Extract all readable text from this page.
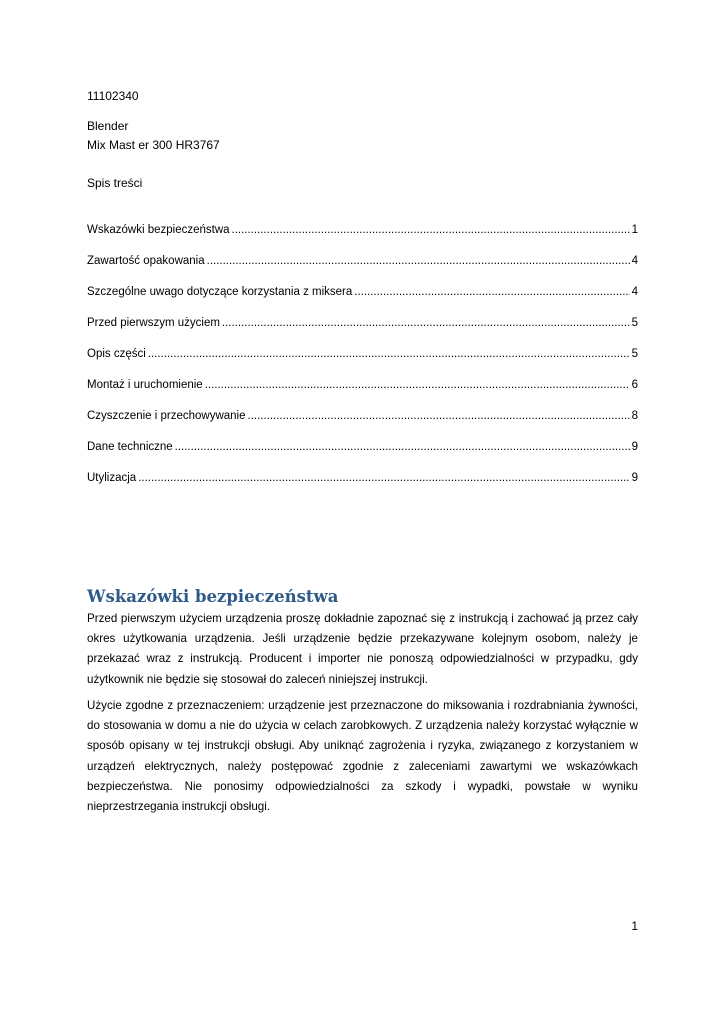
11102340
Blender
Mix Mast er 300 HR3767
Spis treści
Wskazówki bezpieczeństwa . . .	1
Zawartość opakowania . . .	4
Szczególne uwago dotyczące korzystania z miksera . . .	4
Przed pierwszym użyciem . . .	5
Opis części . . .	5
Montaż i uruchomienie . . .	6
Czyszczenie i przechowywanie . . .	8
Dane techniczne . . .	9
Utylizacja . . .	9
Wskazówki bezpieczeństwa
Przed pierwszym użyciem urządzenia proszę dokładnie zapoznać się z instrukcją i zachować ją przez cały okres użytkowania urządzenia. Jeśli urządzenie będzie przekazywane kolejnym osobom, należy je przekazać wraz z instrukcją. Producent i importer nie ponoszą odpowiedzialności w przypadku, gdy użytkownik nie będzie się stosował do zaleceń niniejszej instrukcji.
Użycie zgodne z przeznaczeniem: urządzenie jest przeznaczone do miksowania i rozdrabniania żywności, do stosowania w domu a nie do użycia w celach zarobkowych. Z urządzenia należy korzystać wyłącznie w sposób opisany w tej instrukcji obsługi. Aby uniknąć zagrożenia i ryzyka, związanego z korzystaniem w urządzeń elektrycznych, należy postępować zgodnie z zaleceniami zawartymi we wskazówkach bezpieczeństwa. Nie ponosimy odpowiedzialności za szkody i wypadki, powstałe w wyniku nieprzestrzegania instrukcji obsługi.
1
